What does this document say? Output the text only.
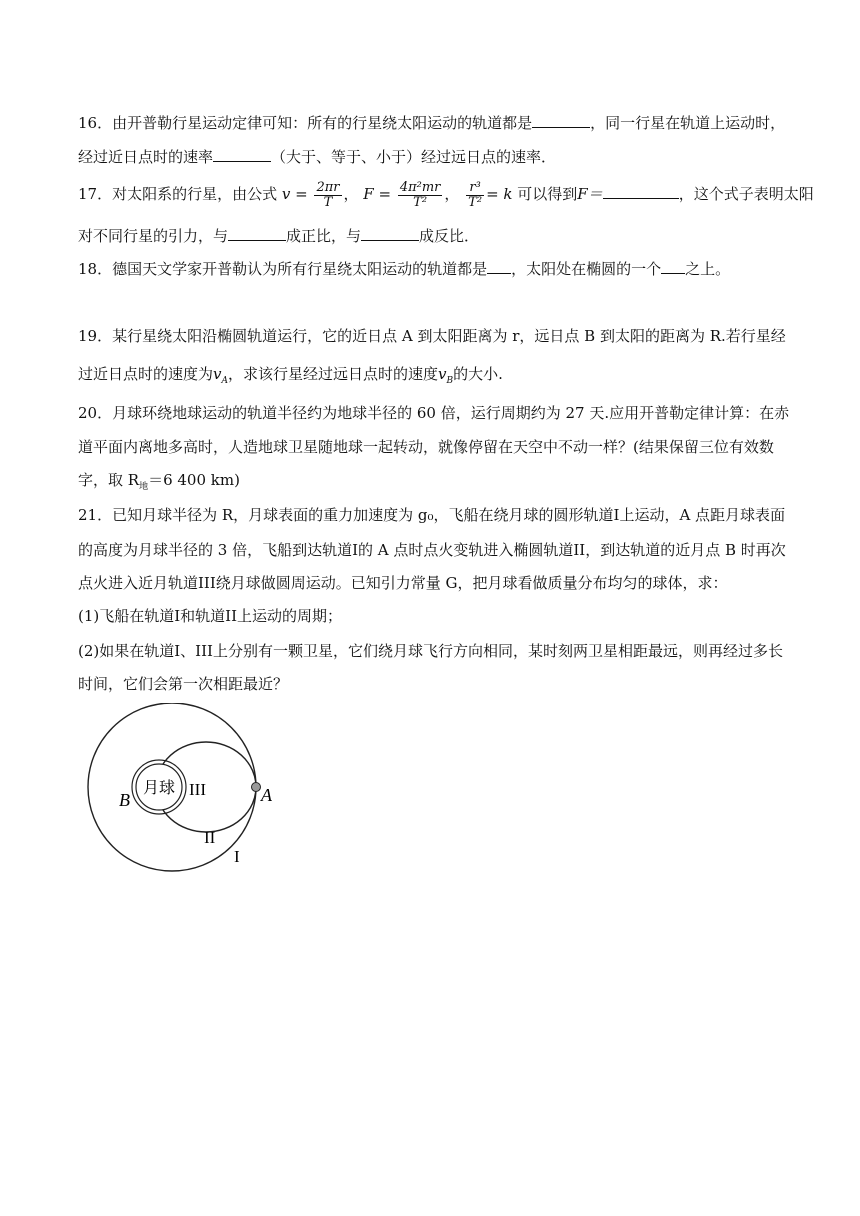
16．由开普勒行星运动定律可知：所有的行星绕太阳运动的轨道都是	，同一行星在轨道上运动时，
经过近日点时的速率	（大于、等于、小于）经过远日点的速率．
17．对太阳系的行星，由公式 $v = \frac{2\pi r}{T}$ ， $F = \frac{\text{4π²mr}}{\text{T²}}$ ， $\frac{\text{r³}}{\text{T²}} = k$ 可以得到F＝	，这个式子表明太阳
对不同行星的引力，与	成正比，与	成反比．
18．德国天文学家开普勒认为所有行星绕太阳运动的轨道都是 ，太阳处在椭圆的一个 之上。
19．某行星绕太阳沿椭圆轨道运行，它的近日点 A 到太阳距离为 r，远日点 B 到太阳的距离为 R.若行星经
过近日点时的速度为$v_A$，求该行星经过远日点时的速度$v_B$的大小.
20．月球环绕地球运动的轨道半径约为地球半径的 60 倍，运行周期约为 27 天.应用开普勒定律计算：在赤
道平面内离地多高时，人造地球卫星随地球一起转动，就像停留在天空中不动一样？(结果保留三位有效数
字，取 $R_地=6$ 400 km)
21．已知月球半径为 R，月球表面的重力加速度为 g₀，飞船在绕月球的圆形轨道I上运动，A 点距月球表面
的高度为月球半径的 3 倍，飞船到达轨道I的 A 点时点火变轨进入椭圆轨道II，到达轨道的近月点 B 时再次
点火进入近月轨道III绕月球做圆周运动。已知引力常量 G，把月球看做质量分布均匀的球体，求：
(1)飞船在轨道I和轨道II上运动的周期；
(2)如果在轨道I、III上分别有一颗卫星，它们绕月球飞行方向相同，某时刻两卫星相距最远，则再经过多长
时间，它们会第一次相距最近？
月球 III
II
I
A
B
